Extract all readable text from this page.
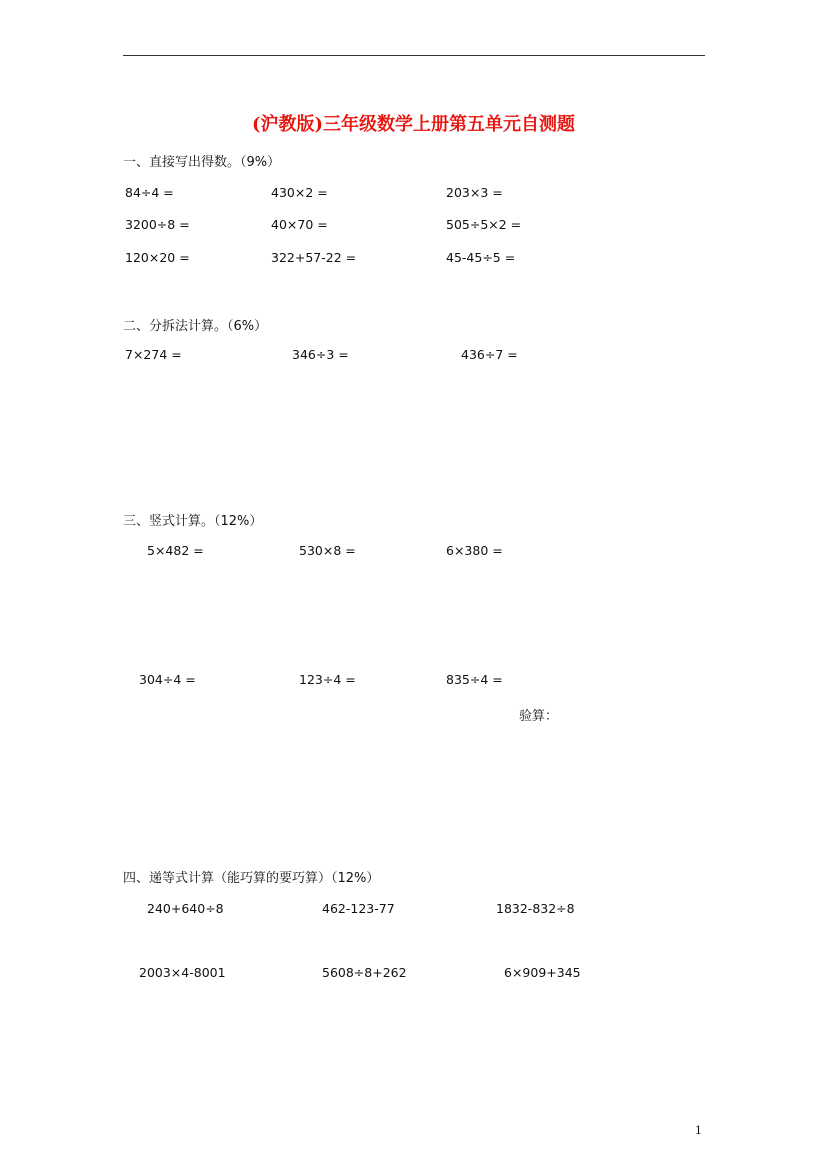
(沪教版)三年级数学上册第五单元自测题
一、直接写出得数。（9%）
84÷4 =	430×2 =	203×3 =
3200÷8 =	40×70 =	505÷5×2 =
120×20 =	322+57-22 =	45-45÷5 =
二、分拆法计算。（6%）
7×274 =	346÷3 =	436÷7 =
三、竖式计算。（12%）
5×482 =	530×8 =	6×380 =
304÷4 =	123÷4 =	835÷4 =
验算：
四、递等式计算（能巧算的要巧算）（12%）
240+640÷8	462-123-77	1832-832÷8
2003×4-8001	5608÷8+262	6×909+345
1
